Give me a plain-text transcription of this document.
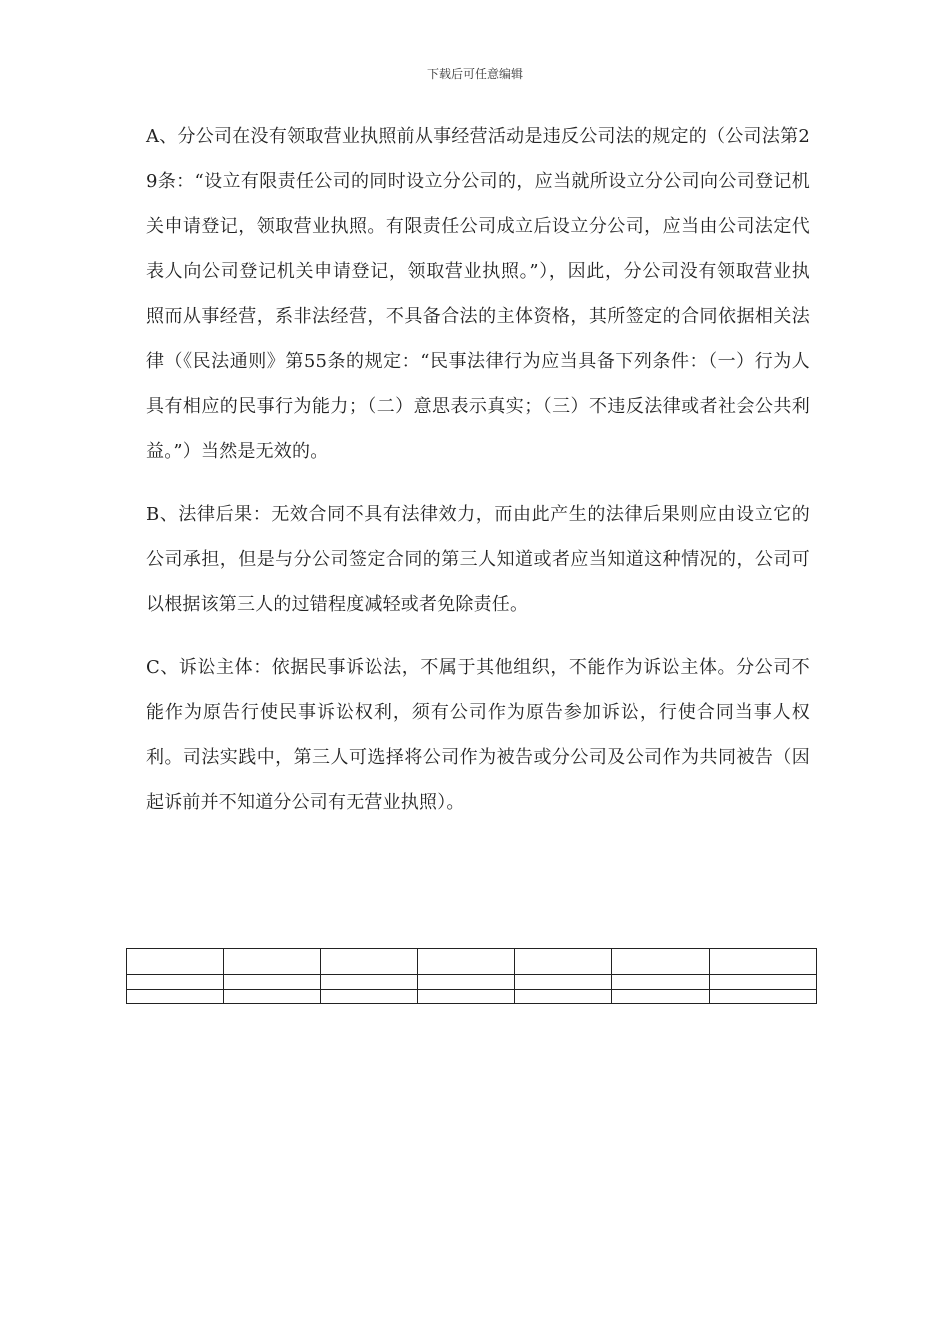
下载后可任意编辑

A、分公司在没有领取营业执照前从事经营活动是违反公司法的规定的（公司法第29条：“设立有限责任公司的同时设立分公司的，应当就所设立分公司向公司登记机关申请登记，领取营业执照。有限责任公司成立后设立分公司，应当由公司法定代表人向公司登记机关申请登记，领取营业执照。”），因此，分公司没有领取营业执照而从事经营，系非法经营，不具备合法的主体资格，其所签定的合同依据相关法律（《民法通则》第55条的规定：“民事法律行为应当具备下列条件：（一）行为人具有相应的民事行为能力；（二）意思表示真实；（三）不违反法律或者社会公共利益。”）当然是无效的。

B、法律后果：无效合同不具有法律效力，而由此产生的法律后果则应由设立它的公司承担，但是与分公司签定合同的第三人知道或者应当知道这种情况的，公司可以根据该第三人的过错程度减轻或者免除责任。

C、诉讼主体：依据民事诉讼法，不属于其他组织，不能作为诉讼主体。分公司不能作为原告行使民事诉讼权利，须有公司作为原告参加诉讼，行使合同当事人权利。司法实践中，第三人可选择将公司作为被告或分公司及公司作为共同被告（因起诉前并不知道分公司有无营业执照）。
